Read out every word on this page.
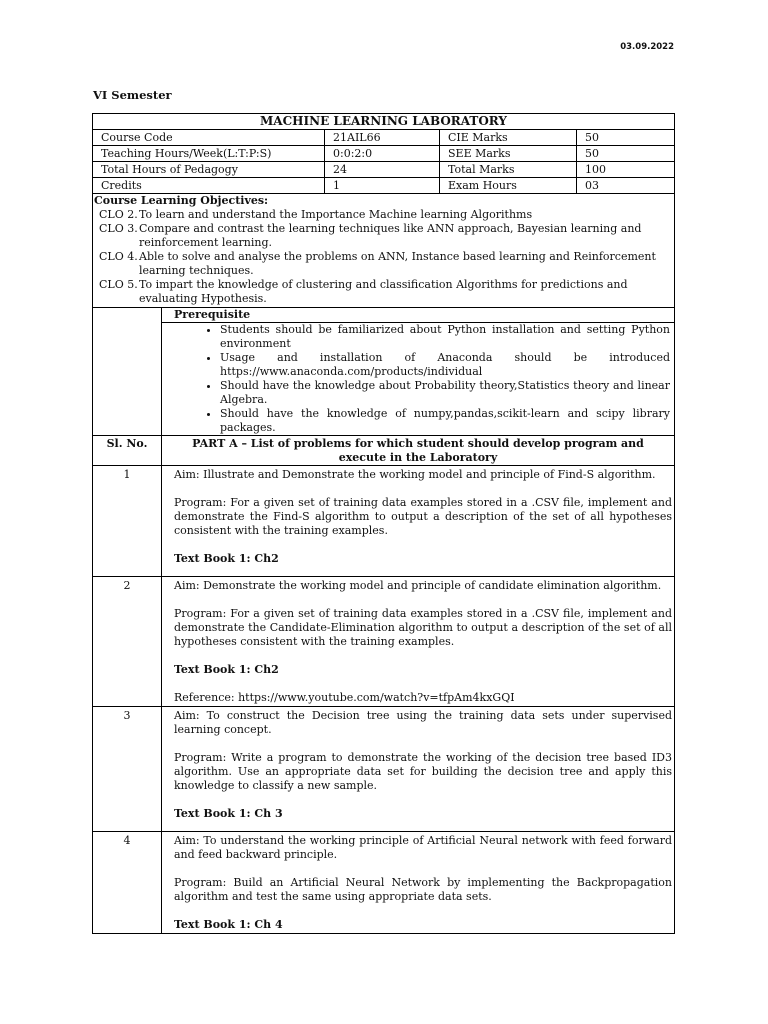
03.09.2022
VI Semester
MACHINE LEARNING LABORATORY
Course Code	21AIL66	CIE Marks	50
Teaching Hours/Week(L:T:P:S)	0:0:2:0	SEE Marks	50
Total Hours of Pedagogy	24	Total Marks	100
Credits	1	Exam Hours	03
Course Learning Objectives:
CLO 2. To learn and understand the Importance Machine learning Algorithms
CLO 3. Compare and contrast the learning techniques like ANN approach, Bayesian learning and reinforcement learning.
CLO 4. Able to solve and analyse the problems on ANN, Instance based learning and Reinforcement learning techniques.
CLO 5. To impart the knowledge of clustering and classification Algorithms for predictions and evaluating Hypothesis.
Prerequisite
• Students should be familiarized about Python installation and setting Python environment
• Usage and installation of Anaconda should be introduced https://www.anaconda.com/products/individual
• Should have the knowledge about Probability theory,Statistics theory and linear Algebra.
• Should have the knowledge of numpy,pandas,scikit-learn and scipy library packages.
Sl. No.	PART A – List of problems for which student should develop program and execute in the Laboratory
1	Aim: Illustrate and Demonstrate the working model and principle of Find-S algorithm.

Program: For a given set of training data examples stored in a .CSV file, implement and demonstrate the Find-S algorithm to output a description of the set of all hypotheses consistent with the training examples.

Text Book 1: Ch2

2	Aim: Demonstrate the working model and principle of candidate elimination algorithm.

Program: For a given set of training data examples stored in a .CSV file, implement and demonstrate the Candidate-Elimination algorithm to output a description of the set of all hypotheses consistent with the training examples.

Text Book 1: Ch2

Reference: https://www.youtube.com/watch?v=tfpAm4kxGQI

3	Aim: To construct the Decision tree using the training data sets under supervised learning concept.

Program: Write a program to demonstrate the working of the decision tree based ID3 algorithm. Use an appropriate data set for building the decision tree and apply this knowledge to classify a new sample.

Text Book 1: Ch 3

4	Aim: To understand the working principle of Artificial Neural network with feed forward and feed backward principle.

Program: Build an Artificial Neural Network by implementing the Backpropagation algorithm and test the same using appropriate data sets.

Text Book 1: Ch 4
